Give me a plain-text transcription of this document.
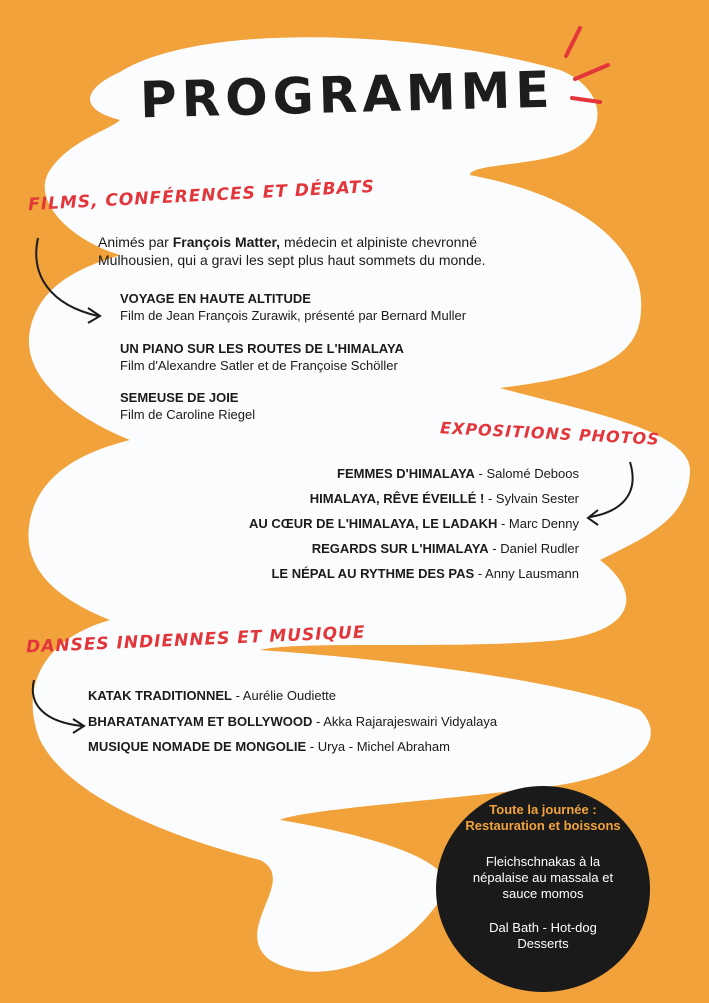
PROGRAMME
FILMS, CONFÉRENCES ET DÉBATS
Animés par François Matter, médecin et alpiniste chevronné Mulhousien, qui a gravi les sept plus haut sommets du monde.
VOYAGE EN HAUTE ALTITUDE
Film de Jean François Zurawik, présenté par Bernard Muller
UN PIANO SUR LES ROUTES DE L'HIMALAYA
Film d'Alexandre Satler et de Françoise Schöller
SEMEUSE DE JOIE
Film de Caroline Riegel
EXPOSITIONS PHOTOS
FEMMES D'HIMALAYA - Salomé Deboos
HIMALAYA, RÊVE ÉVEILLÉ ! - Sylvain Sester
AU CŒUR DE L'HIMALAYA, LE LADAKH - Marc Denny
REGARDS SUR L'HIMALAYA - Daniel Rudler
LE NÉPAL AU RYTHME DES PAS - Anny Lausmann
DANSES INDIENNES ET MUSIQUE
KATAK TRADITIONNEL - Aurélie Oudiette
BHARATANATYAM ET BOLLYWOOD - Akka Rajarajeswairi Vidyalaya
MUSIQUE NOMADE DE MONGOLIE - Urya - Michel Abraham
Toute la journée :
Restauration et boissons
Fleichschnakas à la népalaise au massala et sauce momos
Dal Bath - Hot-dog
Desserts
